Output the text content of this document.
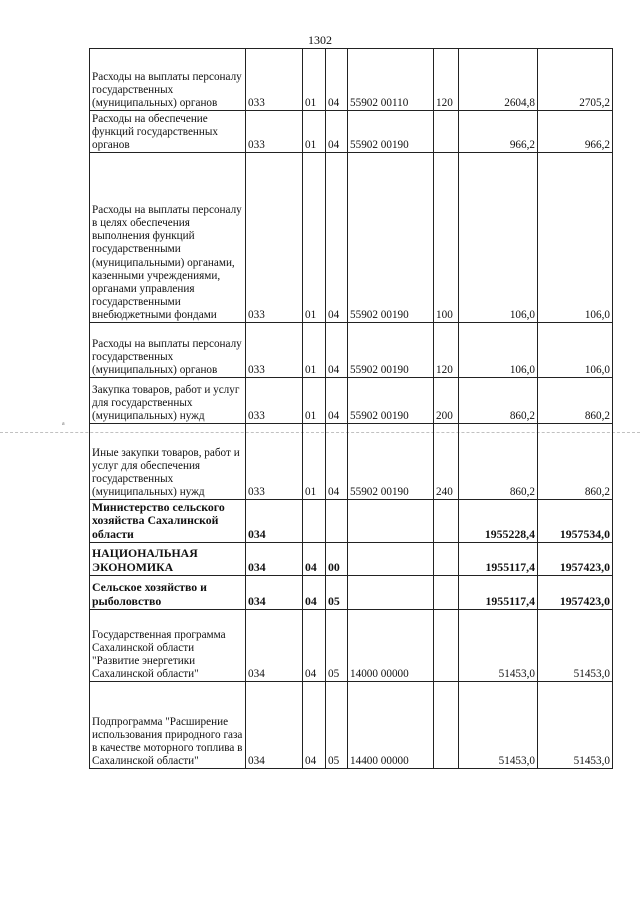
1302
ₐ
Расходы на выплаты персоналу государственных (муниципальных) органов	033	01	04	55902 00110	120	2604,8	2705,2
Расходы на обеспечение функций государственных органов	033	01	04	55902 00190		966,2	966,2
Расходы на выплаты персоналу в целях обеспечения выполнения функций государственными (муниципальными) органами, казенными учреждениями, органами управления государственными внебюджетными фондами	033	01	04	55902 00190	100	106,0	106,0
Расходы на выплаты персоналу государственных (муниципальных) органов	033	01	04	55902 00190	120	106,0	106,0
Закупка товаров, работ и услуг для государственных (муниципальных) нужд	033	01	04	55902 00190	200	860,2	860,2
Иные закупки товаров, работ и услуг для обеспечения государственных (муниципальных) нужд	033	01	04	55902 00190	240	860,2	860,2
Министерство сельского хозяйства Сахалинской области	034					1955228,4	1957534,0
НАЦИОНАЛЬНАЯ ЭКОНОМИКА	034	04	00			1955117,4	1957423,0
Сельское хозяйство и рыболовство	034	04	05			1955117,4	1957423,0
Государственная программа Сахалинской области "Развитие энергетики Сахалинской области"	034	04	05	14000 00000		51453,0	51453,0
Подпрограмма "Расширение использования природного газа в качестве моторного топлива в Сахалинской области"	034	04	05	14400 00000		51453,0	51453,0
